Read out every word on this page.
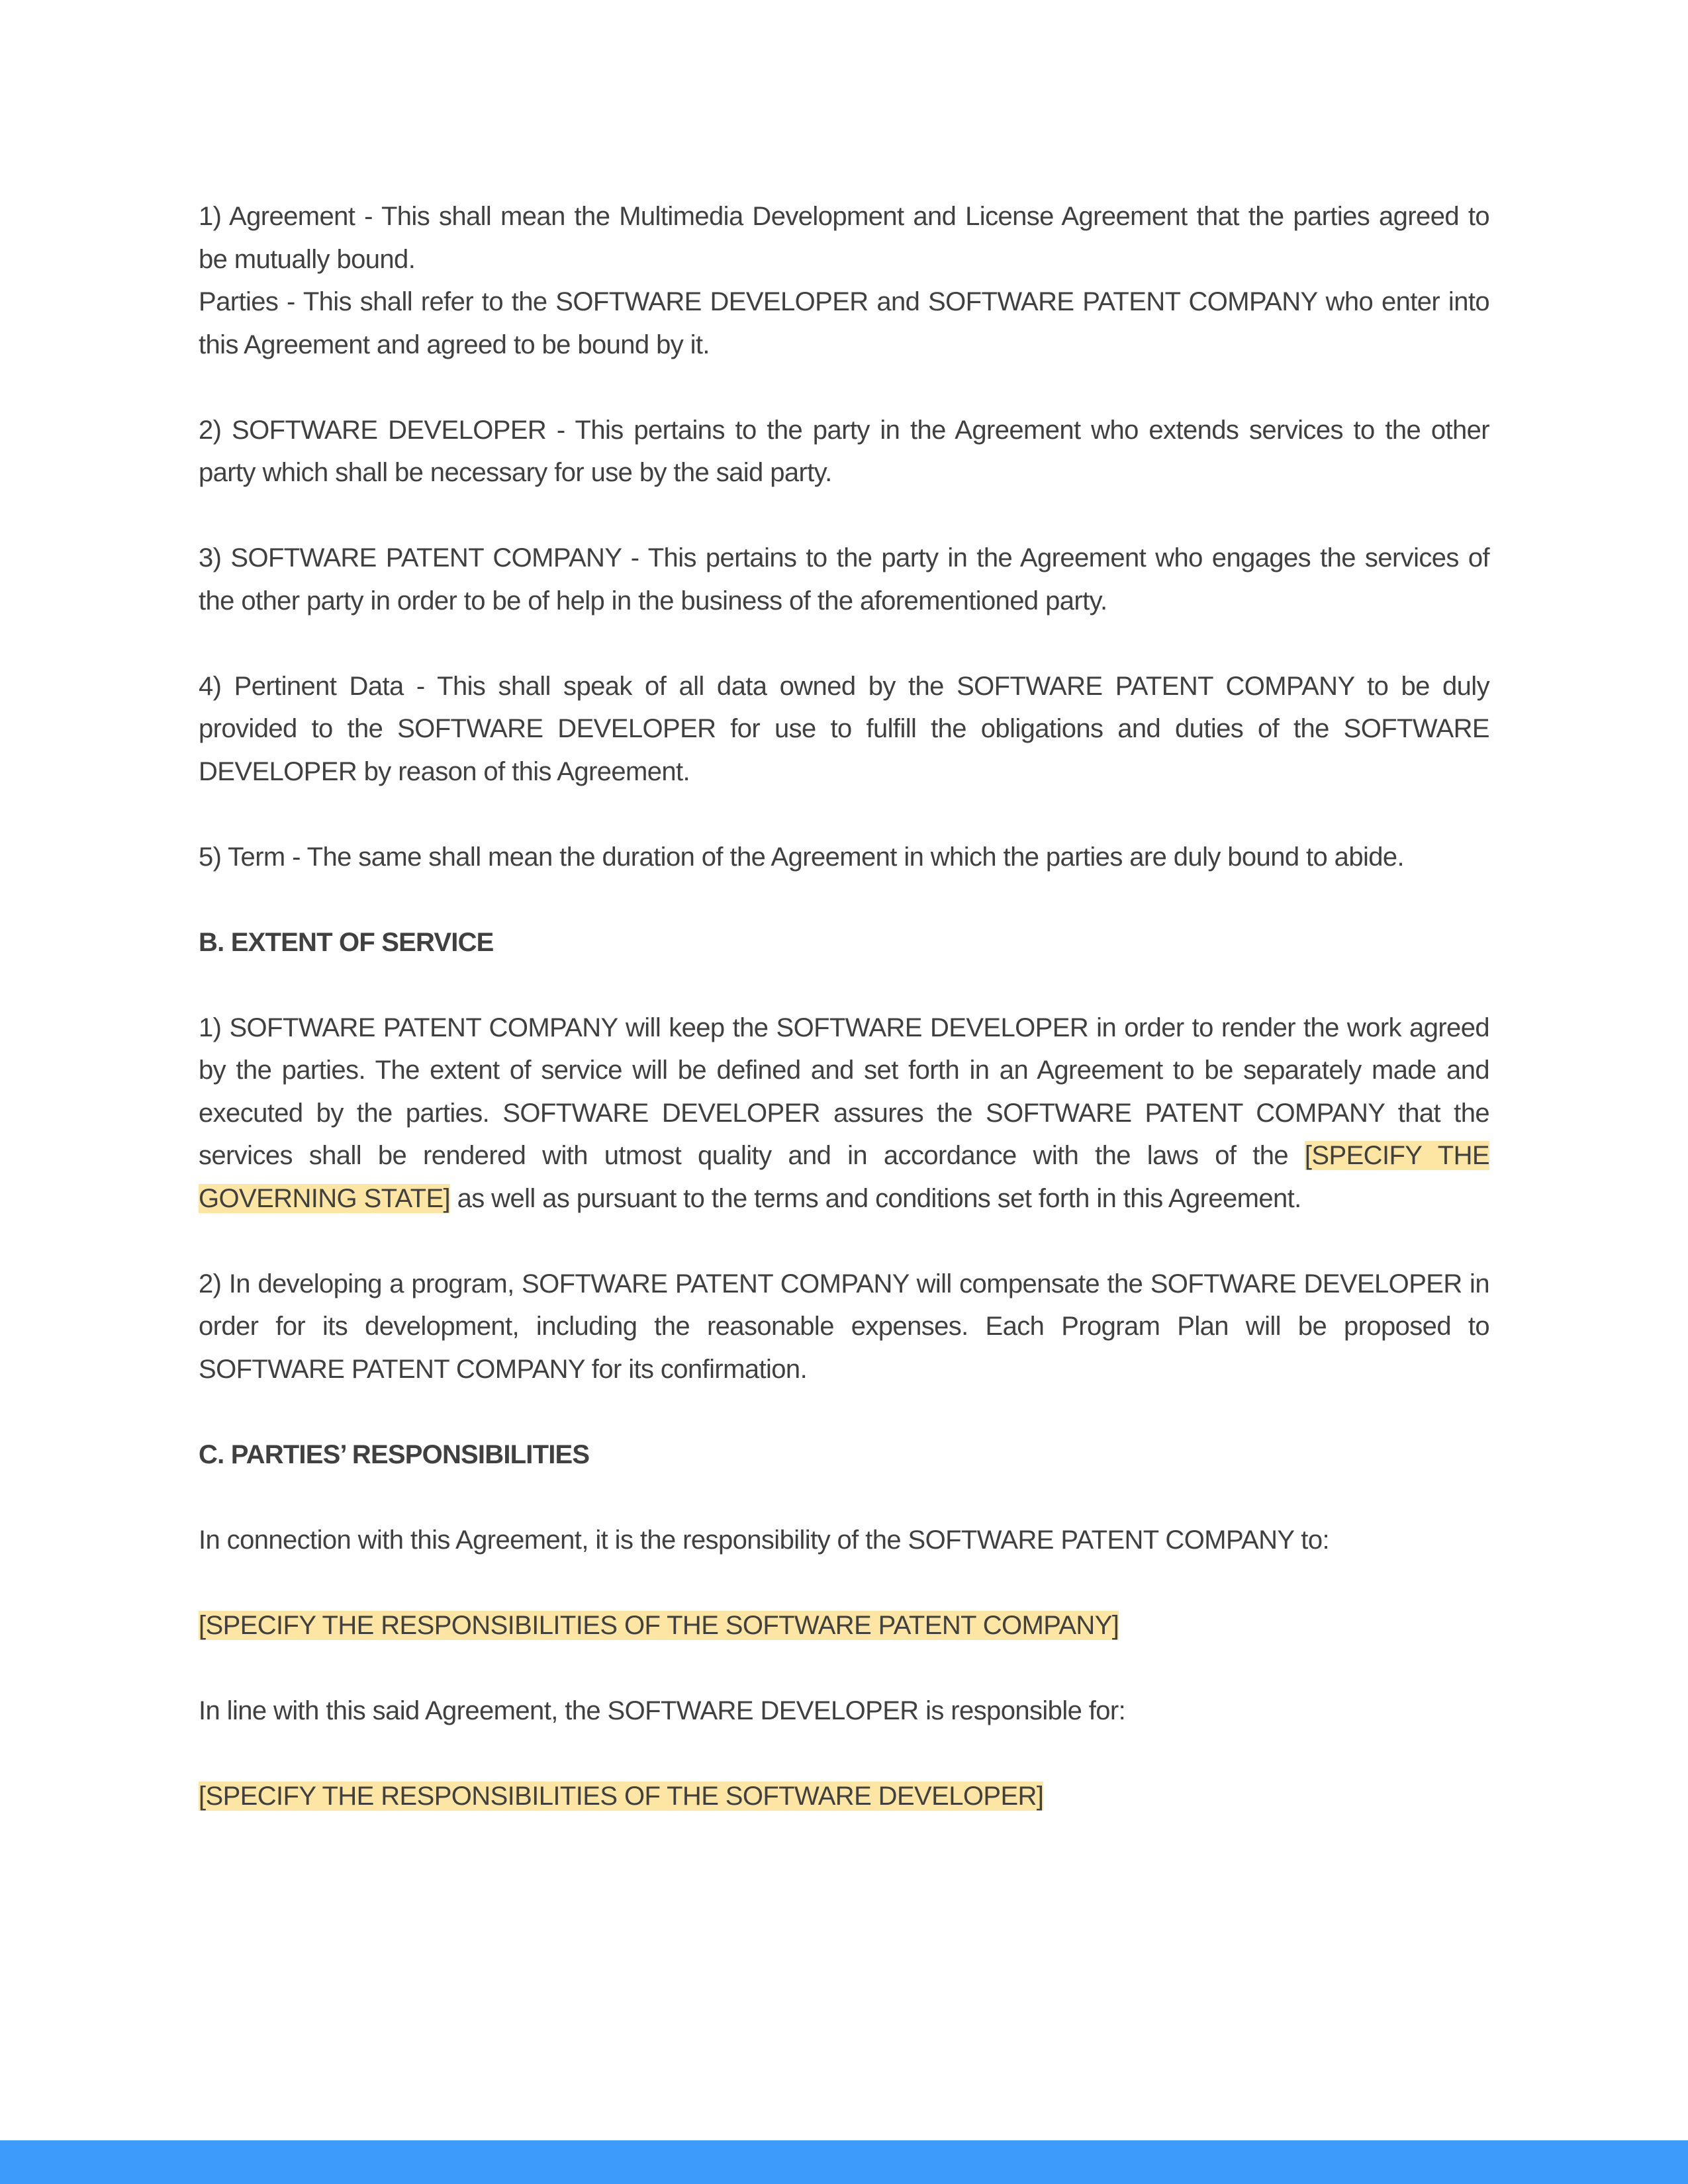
1) Agreement - This shall mean the Multimedia Development and License Agreement that the parties agreed to be mutually bound.

Parties - This shall refer to the SOFTWARE DEVELOPER and SOFTWARE PATENT COMPANY who enter into this Agreement and agreed to be bound by it.

2) SOFTWARE DEVELOPER - This pertains to the party in the Agreement who extends services to the other party which shall be necessary for use by the said party.

3) SOFTWARE PATENT COMPANY - This pertains to the party in the Agreement who engages the services of the other party in order to be of help in the business of the aforementioned party.

4) Pertinent Data - This shall speak of all data owned by the SOFTWARE PATENT COMPANY to be duly provided to the SOFTWARE DEVELOPER for use to fulfill the obligations and duties of the SOFTWARE DEVELOPER by reason of this Agreement.

5) Term - The same shall mean the duration of the Agreement in which the parties are duly bound to abide.

B. EXTENT OF SERVICE

1) SOFTWARE PATENT COMPANY will keep the SOFTWARE DEVELOPER in order to render the work agreed by the parties. The extent of service will be defined and set forth in an Agreement to be separately made and executed by the parties. SOFTWARE DEVELOPER assures the SOFTWARE PATENT COMPANY that the services shall be rendered with utmost quality and in accordance with the laws of the [SPECIFY THE GOVERNING STATE] as well as pursuant to the terms and conditions set forth in this Agreement.

2) In developing a program, SOFTWARE PATENT COMPANY will compensate the SOFTWARE DEVELOPER in order for its development, including the reasonable expenses. Each Program Plan will be proposed to SOFTWARE PATENT COMPANY for its confirmation.

C. PARTIES’ RESPONSIBILITIES

In connection with this Agreement, it is the responsibility of the SOFTWARE PATENT COMPANY to:

[SPECIFY THE RESPONSIBILITIES OF THE SOFTWARE PATENT COMPANY]

In line with this said Agreement, the SOFTWARE DEVELOPER is responsible for:

[SPECIFY THE RESPONSIBILITIES OF THE SOFTWARE DEVELOPER]
